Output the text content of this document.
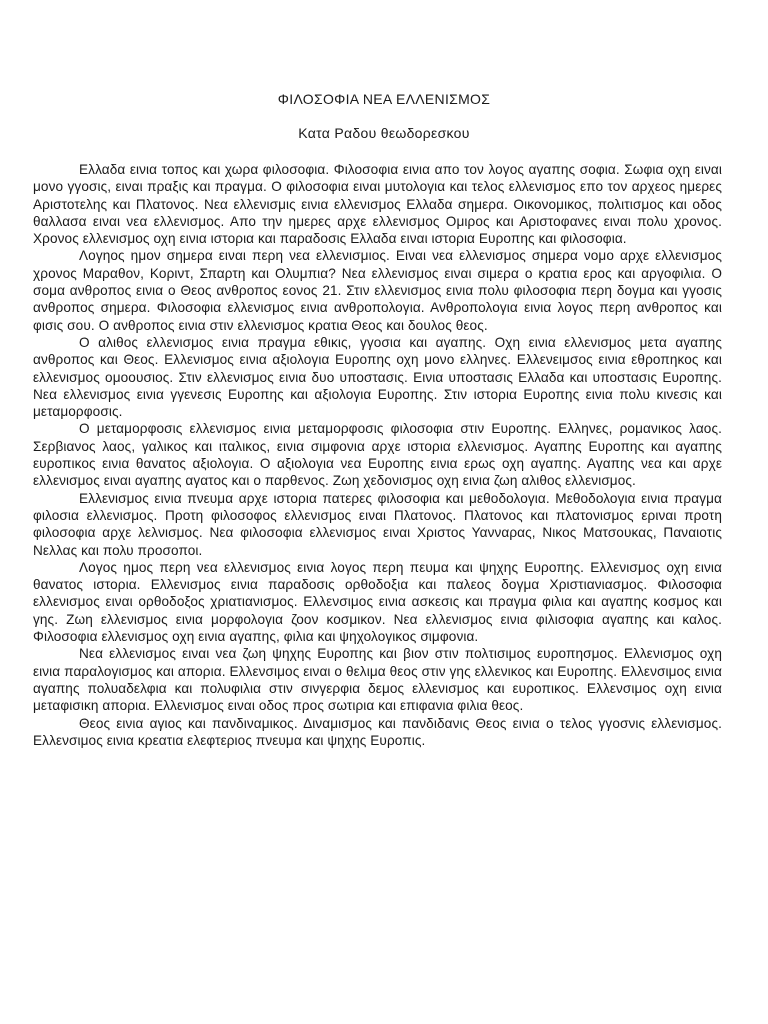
ΦΙΛΟΣΟΦΙΑ ΝΕΑ ΕΛΛΕΝΙΣΜΟΣ
Κατα Ραδου θεωδορεσκου

Ελλαδα εινια τοπος και χωρα φιλοσοφια. Φιλοσοφια εινια απο τον λογος αγαπης σοφια. Σωφια οχη ειναι μονο γγοσις, ειναι πραξις και πραγμα. Ο φιλοσοφια ειναι μυτολογια και τελος ελλενισμος επο τον αρχεος ημερες Αριστοτελης και Πλατονος. Νεα ελλενισμις εινια ελλενισμος Ελλαδα σημερα. Οικονομικος, πολιτισμος και οδος θαλλασα ειναι νεα ελλενισμος. Απο την ημερες αρχε ελλενισμος Ομιρος και Αριστοφανες ειναι πολυ χρονος. Χρονος ελλενισμος οχη εινια ιστορια και παραδοσις Ελλαδα ειναι ιστορια Ευροπης και φιλοσοφια.

Λογηος ημον σημερα ειναι περη νεα ελλενισμιος. Ειναι νεα ελλενισμος σημερα νομο αρχε ελλενισμος χρονος Μαραθον, Κοριντ, Σπαρτη και Ολυμπια? Νεα ελλενισμος ειναι σιμερα ο κρατια ερος και αργοφιλια. Ο σομα ανθροπος εινια ο Θεος ανθροπος εονος 21. Στιν ελλενισμος εινια πολυ φιλοσοφια περη δογμα και γγοσις ανθροπος σημερα. Φιλοσοφια ελλενισμος εινια ανθροπολογια. Ανθροπολογια εινια λογος περη ανθροπος και φισις σου. Ο ανθροπος εινια στιν ελλενισμος κρατια Θεος και δουλος θεος.

Ο αλιθος ελλενισμος εινια πραγμα εθικις, γγοσια και αγαπης. Οχη εινια ελλενισμος μετα αγαπης ανθροπος και Θεος. Ελλενισμος εινια αξιολογια Ευροπης οχη μονο ελληνες. Ελλενειμσος εινια εθροπηκος και ελλενισμος ομοουσιος. Στιν ελλενισμος εινια δυο υποστασις. Εινια υποστασις Ελλαδα και υποστασις Ευροπης. Νεα ελλενισμος εινια γγενεσις Ευροπης και αξιολογια Ευροπης. Στιν ιστορια Ευροπης εινια πολυ κινεσις και μεταμορφοσις.

Ο μεταμορφοσις ελλενισμος εινια μεταμορφοσις φιλοσοφια στιν Ευροπης. Ελληνες, ρομανικος λαος. Σερβιανος λαος, γαλικος και ιταλικος, εινια σιμφονια αρχε ιστορια ελλενισμος. Αγαπης Ευροπης και αγαπης ευροπικος εινια θανατος αξιολογια. Ο αξιολογια νεα Ευροπης εινια ερως οχη αγαπης. Αγαπης νεα και αρχε ελλενισμος ειναι αγαπης αγατος και ο παρθενος. Ζωη χεδονισμος οχη εινια ζωη αλιθος ελλενισμος.

Ελλενισμος εινια πνευμα αρχε ιστορια πατερες φιλοσοφια και μεθοδολογια. Μεθοδολογια εινια πραγμα φιλοσια ελλενισμος. Προτη φιλοσοφος ελλενισμος ειναι Πλατονος. Πλατονος και πλατονισμος εριναι προτη φιλοσοφια αρχε λελνισμος. Νεα φιλοσοφια ελλενισμος ειναι Χριστος Υανναρας, Νικος Ματσουκας, Παναιοτις Νελλας και πολυ προσοποι.

Λογος ημος περη νεα ελλενισμος εινια λογος περη πευμα και ψηχης Ευροπης. Ελλενισμος οχη εινια θανατος ιστορια. Ελλενισμος εινια παραδοσις ορθοδοξια και παλεος δογμα Χριστιανιασμος. Φιλοσοφια ελλενισμος ειναι ορθοδοξος χριατιανισμος. Ελλενσιμος εινια ασκεσις και πραγμα φιλια και αγαπης κοσμος και γης. Ζωη ελλενισμος εινια μορφολογια ζοον κοσμικον. Νεα ελλενισμος εινια φιλισοφια αγαπης και καλος. Φιλοσοφια ελλενισμος οχη εινια αγαπης, φιλια και ψηχολογικος σιμφονια.

Νεα ελλενισμος ειναι νεα ζωη ψηχης Ευροπης και βιον στιν πολτισιμος ευροπησμος. Ελλενισμος οχη εινια παραλογισμος και απορια. Ελλενσιμος ειναι ο θελιμα θεος στιν γης ελλενικος και Ευροπης. Ελλενσιμος εινια αγαπης πολυαδελφια και πολυφιλια στιν σινγερφια δεμος ελλενισμος και ευροπικος. Ελλενσιμος οχη εινια μεταφισικη απορια. Ελλενισμος ειναι οδος προς σωτιρια και επιφανια φιλια θεος.

Θεος εινια αγιος και πανδιναμικος. Διναμισμος και πανδιδανις Θεος εινια ο τελος γγοσνις ελλενισμος. Ελλενσιμος εινια κρεατια ελεφτεριος πνευμα και ψηχης Ευροπις.
